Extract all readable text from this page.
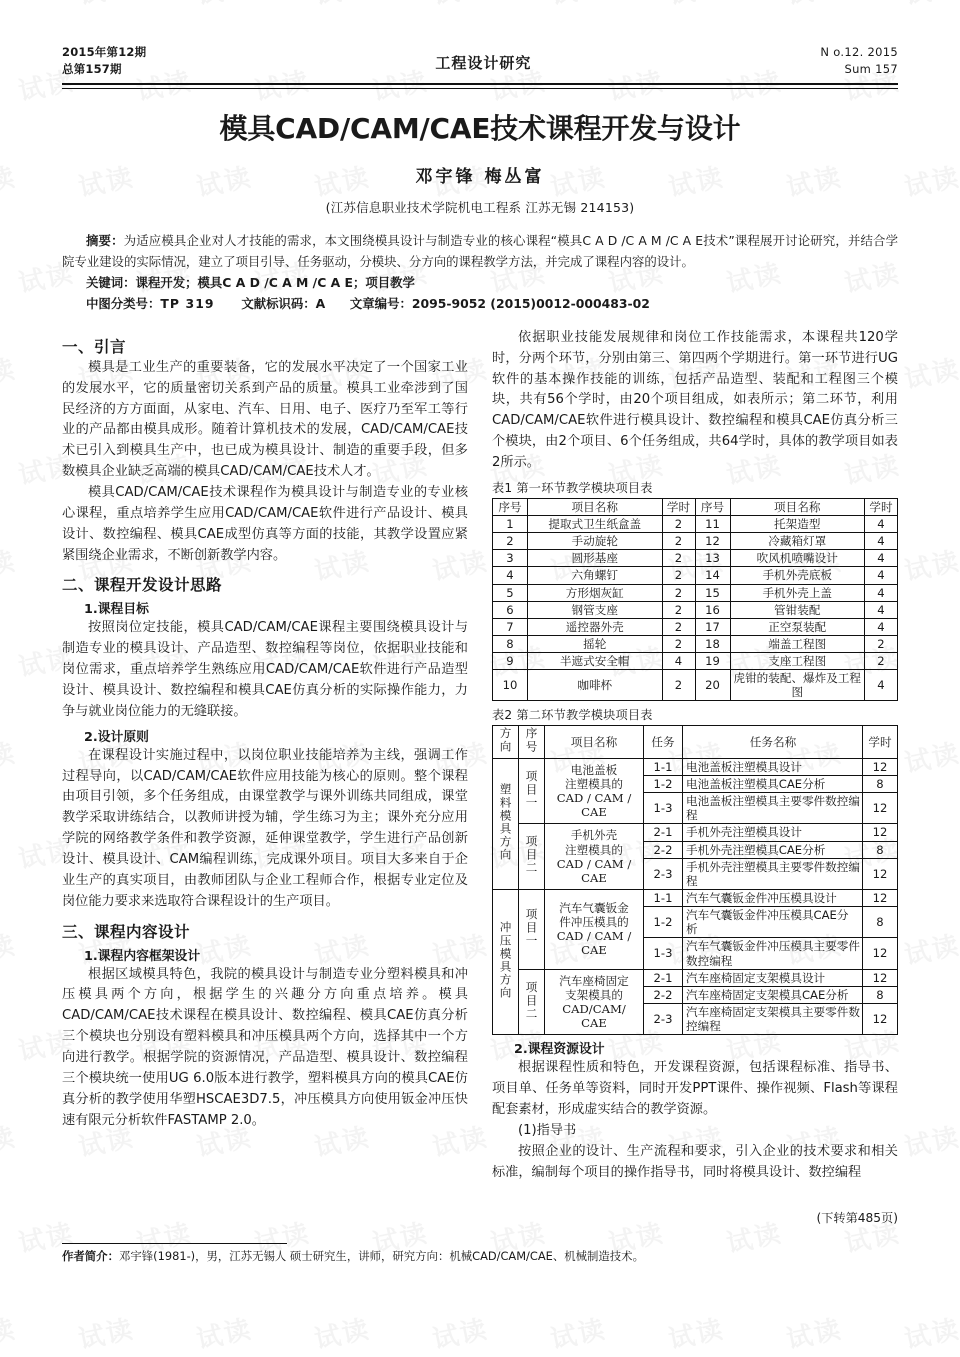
2015年第12期
总第157期	工程设计研究
N o.12. 2015
Sum 157
模具CAD/CAM/CAE技术课程开发与设计
邓宇锋 梅丛富
(江苏信息职业技术学院机电工程系 江苏无锡 214153)
摘要：为适应模具企业对人才技能的需求，本文围绕模具设计与制造专业的核心课程“模具C A D /C A M /C A E技术”课程展开讨论研究，并结合学院专业建设的实际情况，建立了项目引导、任务驱动，分模块、分方向的课程教学方法，并完成了课程内容的设计。
关键词：课程开发；模具C A D /C A M /C A E；项目教学
中图分类号：TP 319 文献标识码：A 文章编号：2095-9052 (2015)0012-000483-02
一、引言

模具是工业生产的重要装备，它的发展水平决定了一个国家工业的发展水平，它的质量密切关系到产品的质量。模具工业牵涉到了国民经济的方方面面，从家电、汽车、日用、电子、医疗乃至军工等行业的产品都由模具成形。随着计算机技术的发展，CAD/CAM/CAE技术已引入到模具生产中，也已成为模具设计、制造的重要手段，但多数模具企业缺乏高端的模具CAD/CAM/CAE技术人才。

模具CAD/CAM/CAE技术课程作为模具设计与制造专业的专业核心课程，重点培养学生应用CAD/CAM/CAE软件进行产品设计、模具设计、数控编程、模具CAE成型仿真等方面的技能，其教学设置应紧紧围绕企业需求，不断创新教学内容。

二、课程开发设计思路
1.课程目标

按照岗位定技能，模具CAD/CAM/CAE课程主要围绕模具设计与制造专业的模具设计、产品造型、数控编程等岗位，依据职业技能和岗位需求，重点培养学生熟练应用CAD/CAM/CAE软件进行产品造型设计、模具设计、数控编程和模具CAE仿真分析的实际操作能力，力争与就业岗位能力的无缝联接。

2.设计原则

在课程设计实施过程中，以岗位职业技能培养为主线，强调工作过程导向，以CAD/CAM/CAE软件应用技能为核心的原则。整个课程由项目引领，多个任务组成，由课堂教学与课外训练共同组成，课堂教学采取讲练结合，以教师讲授为辅，学生练习为主；课外充分应用学院的网络教学条件和教学资源，延伸课堂教学，学生进行产品创新设计、模具设计、CAM编程训练，完成课外项目。项目大多来自于企业生产的真实项目，由教师团队与企业工程师合作，根据专业定位及岗位能力要求来选取符合课程设计的生产项目。

三、课程内容设计
1.课程内容框架设计

根据区域模具特色，我院的模具设计与制造专业分塑料模具和冲压模具两个方向，根据学生的兴趣分方向重点培养。模具CAD/CAM/CAE技术课程在模具设计、数控编程、模具CAE仿真分析三个模块也分别设有塑料模具和冲压模具两个方向，选择其中一个方向进行教学。根据学院的资源情况，产品造型、模具设计、数控编程三个模块统一使用UG 6.0版本进行教学，塑料模具方向的模具CAE仿真分析的教学使用华塑HSCAE3D7.5，冲压模具方向使用钣金冲压快速有限元分析软件FASTAMP 2.0。

依据职业技能发展规律和岗位工作技能需求，本课程共120学时，分两个环节，分别由第三、第四两个学期进行。第一环节进行UG软件的基本操作技能的训练，包括产品造型、装配和工程图三个模块，共有56个学时，由20个项目组成，如表所示；第二环节，利用CAD/CAM/CAE软件进行模具设计、数控编程和模具CAE仿真分析三个模块，由2个项目、6个任务组成，共64学时，具体的教学项目如表2所示。

表1 第一环节教学模块项目表
序号	项目名称	学时	序号	项目名称	学时
1	提取式卫生纸盒盖	2	11	托架造型	4
2	手动旋轮	2	12	冷藏箱灯罩	4
3	圆形基座	2	13	吹风机喷嘴设计	4
4	六角螺钉	2	14	手机外壳底板	4
5	方形烟灰缸	2	15	手机外壳上盖	4
6	钢管支座	2	16	管钳装配	4
7	遥控器外壳	2	17	正空泵装配	4
8	摇轮	2	18	端盖工程图	2
9	半遮式安全帽	4	19	支座工程图	2
10	咖啡杯	2	20	虎钳的装配、爆炸及工程图	4
表2 第二环节教学模块项目表
方向	序号	项目名称	任务	任务名称	学时
塑料模具方向	项目一	电池盖板
注塑模具的
CAD / CAM /
CAE	1-1	电池盖板注塑模具设计	12
			1-2	电池盖板注塑模具CAE分析	8
			1-3	电池盖板注塑模具主要零件数控编程	12
	项目二	手机外壳
注塑模具的
CAD / CAM /
CAE	2-1	手机外壳注塑模具设计	12
			2-2	手机外壳注塑模具CAE分析	8
			2-3	手机外壳注塑模具主要零件数控编程	12
冲压模具方向	项目一	汽车气囊钣金
件冲压模具的
CAD / CAM /
CAE	1-1	汽车气囊钣金件冲压模具设计	12
			1-2	汽车气囊钣金件冲压模具CAE分析	8
			1-3	汽车气囊钣金件冲压模具主要零件数控编程	12
	项目二	汽车座椅固定
支架模具的
CAD/CAM/
CAE	2-1	汽车座椅固定支架模具设计	12
			2-2	汽车座椅固定支架模具CAE分析	8
			2-3	汽车座椅固定支架模具主要零件数控编程	12
2.课程资源设计

根据课程性质和特色，开发课程资源，包括课程标准、指导书、项目单、任务单等资料，同时开发PPT课件、操作视频、Flash等课程配套素材，形成虚实结合的教学资源。

(1)指导书

按照企业的设计、生产流程和要求，引入企业的技术要求和相关标准，编制每个项目的操作指导书，同时将模具设计、数控编程

(下转第485页)
作者简介：邓宇锋(1981-)，男，江苏无锡人 硕士研究生，讲师，研究方向：机械CAD/CAM/CAE、机械制造技术。
